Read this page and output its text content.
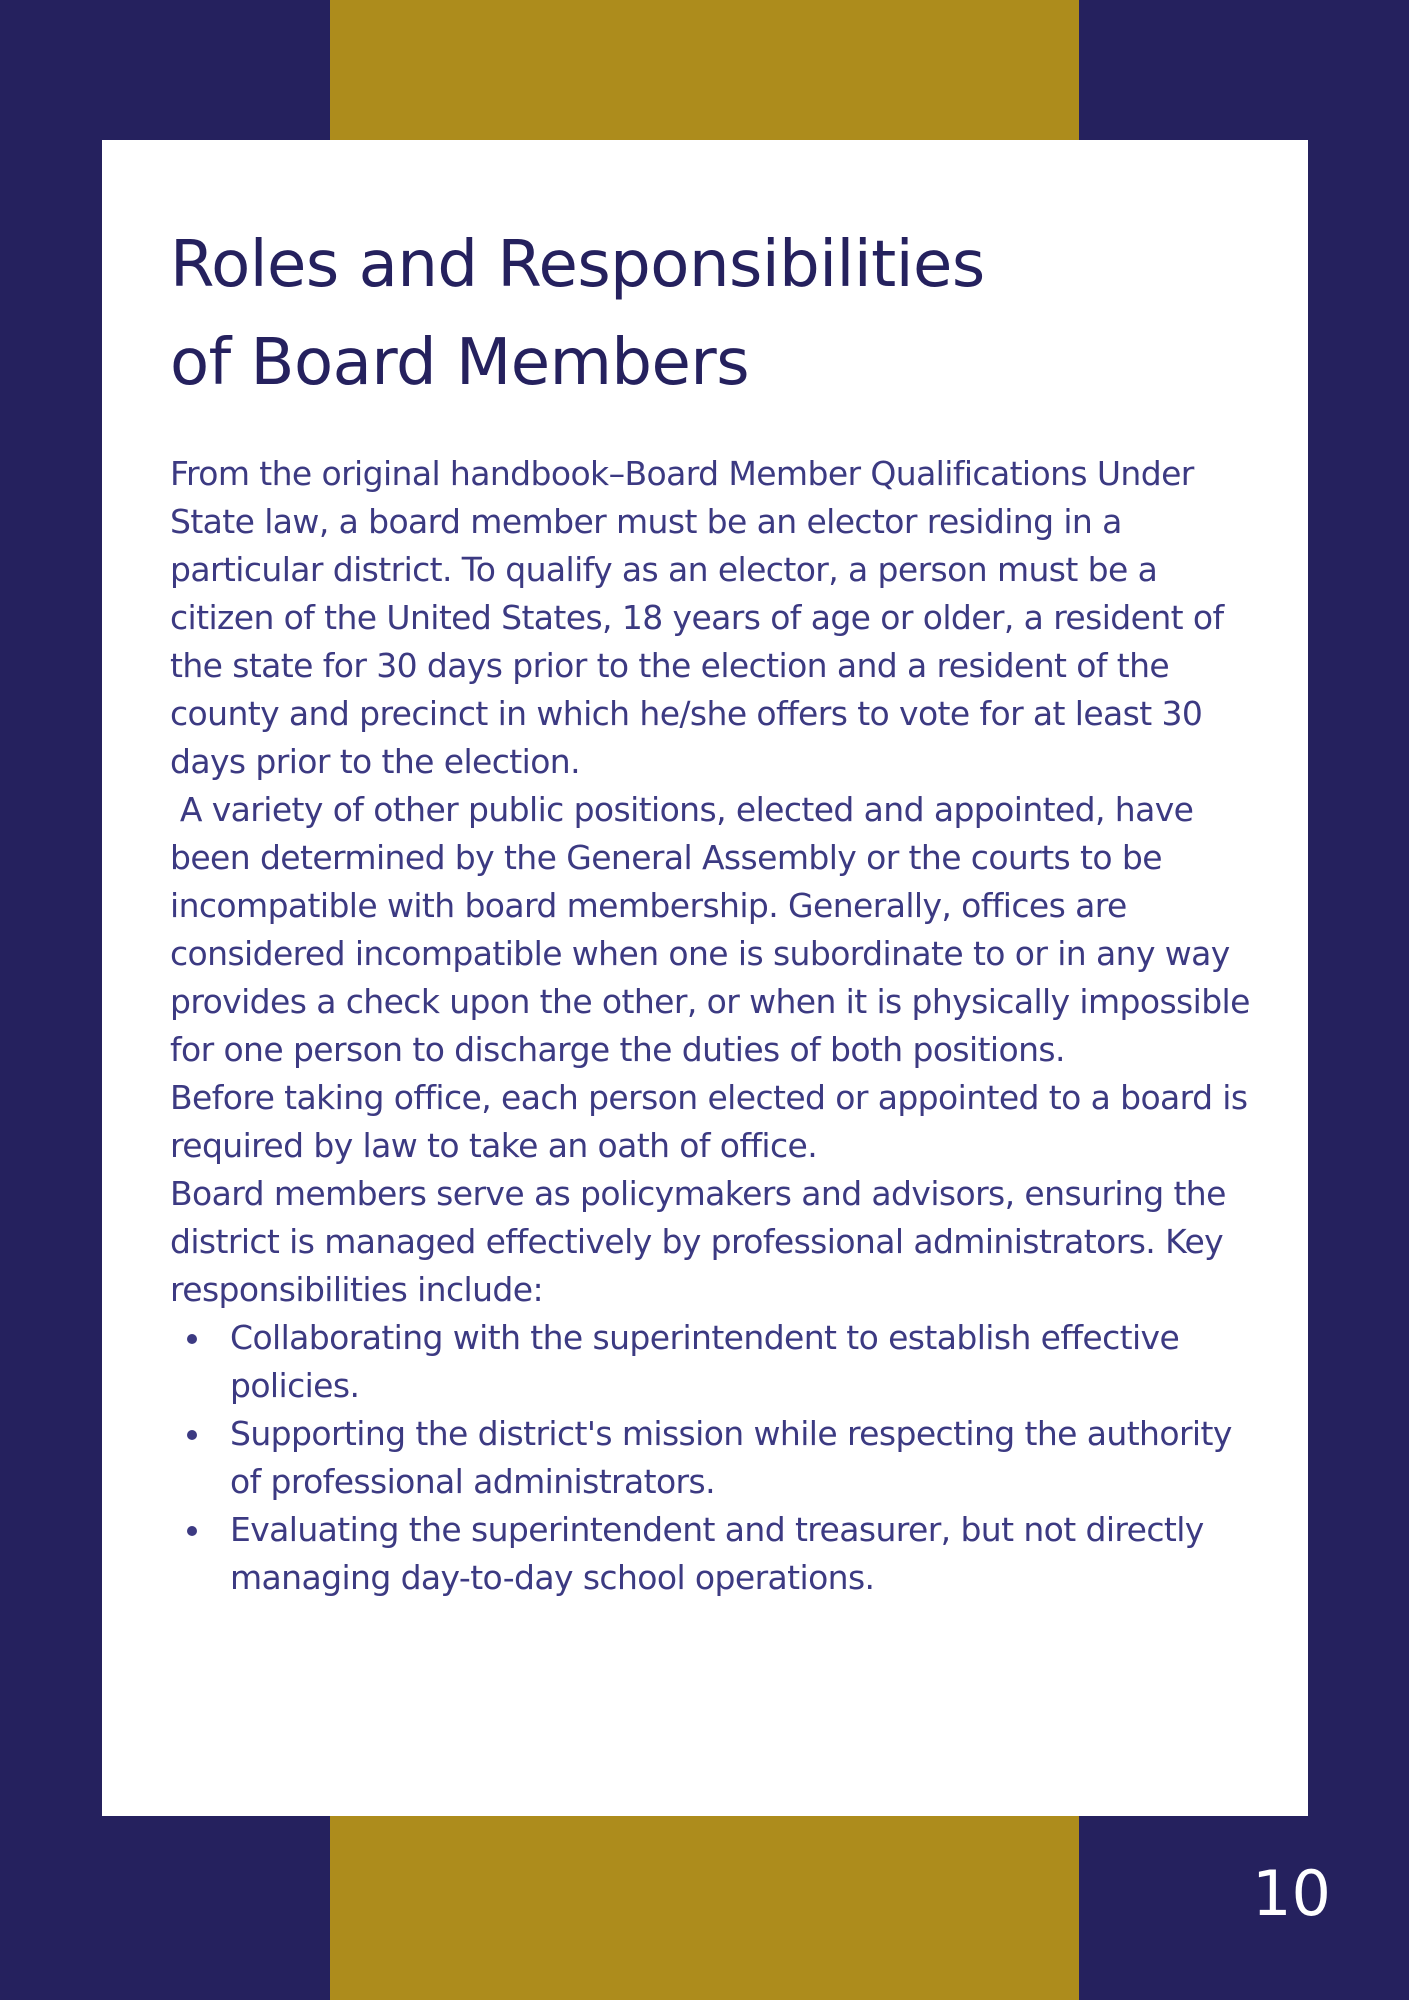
Roles and Responsibilities
of Board Members

From the original handbook–Board Member Qualifications Under State law, a board member must be an elector residing in a particular district. To qualify as an elector, a person must be a citizen of the United States, 18 years of age or older, a resident of the state for 30 days prior to the election and a resident of the county and precinct in which he/she offers to vote for at least 30 days prior to the election.

A variety of other public positions, elected and appointed, have been determined by the General Assembly or the courts to be incompatible with board membership. Generally, offices are considered incompatible when one is subordinate to or in any way provides a check upon the other, or when it is physically impossible for one person to discharge the duties of both positions.

Before taking office, each person elected or appointed to a board is required by law to take an oath of office.

Board members serve as policymakers and advisors, ensuring the district is managed effectively by professional administrators. Key responsibilities include:

Collaborating with the superintendent to establish effective policies.
Supporting the district's mission while respecting the authority of professional administrators.
Evaluating the superintendent and treasurer, but not directly managing day-to-day school operations.
10
